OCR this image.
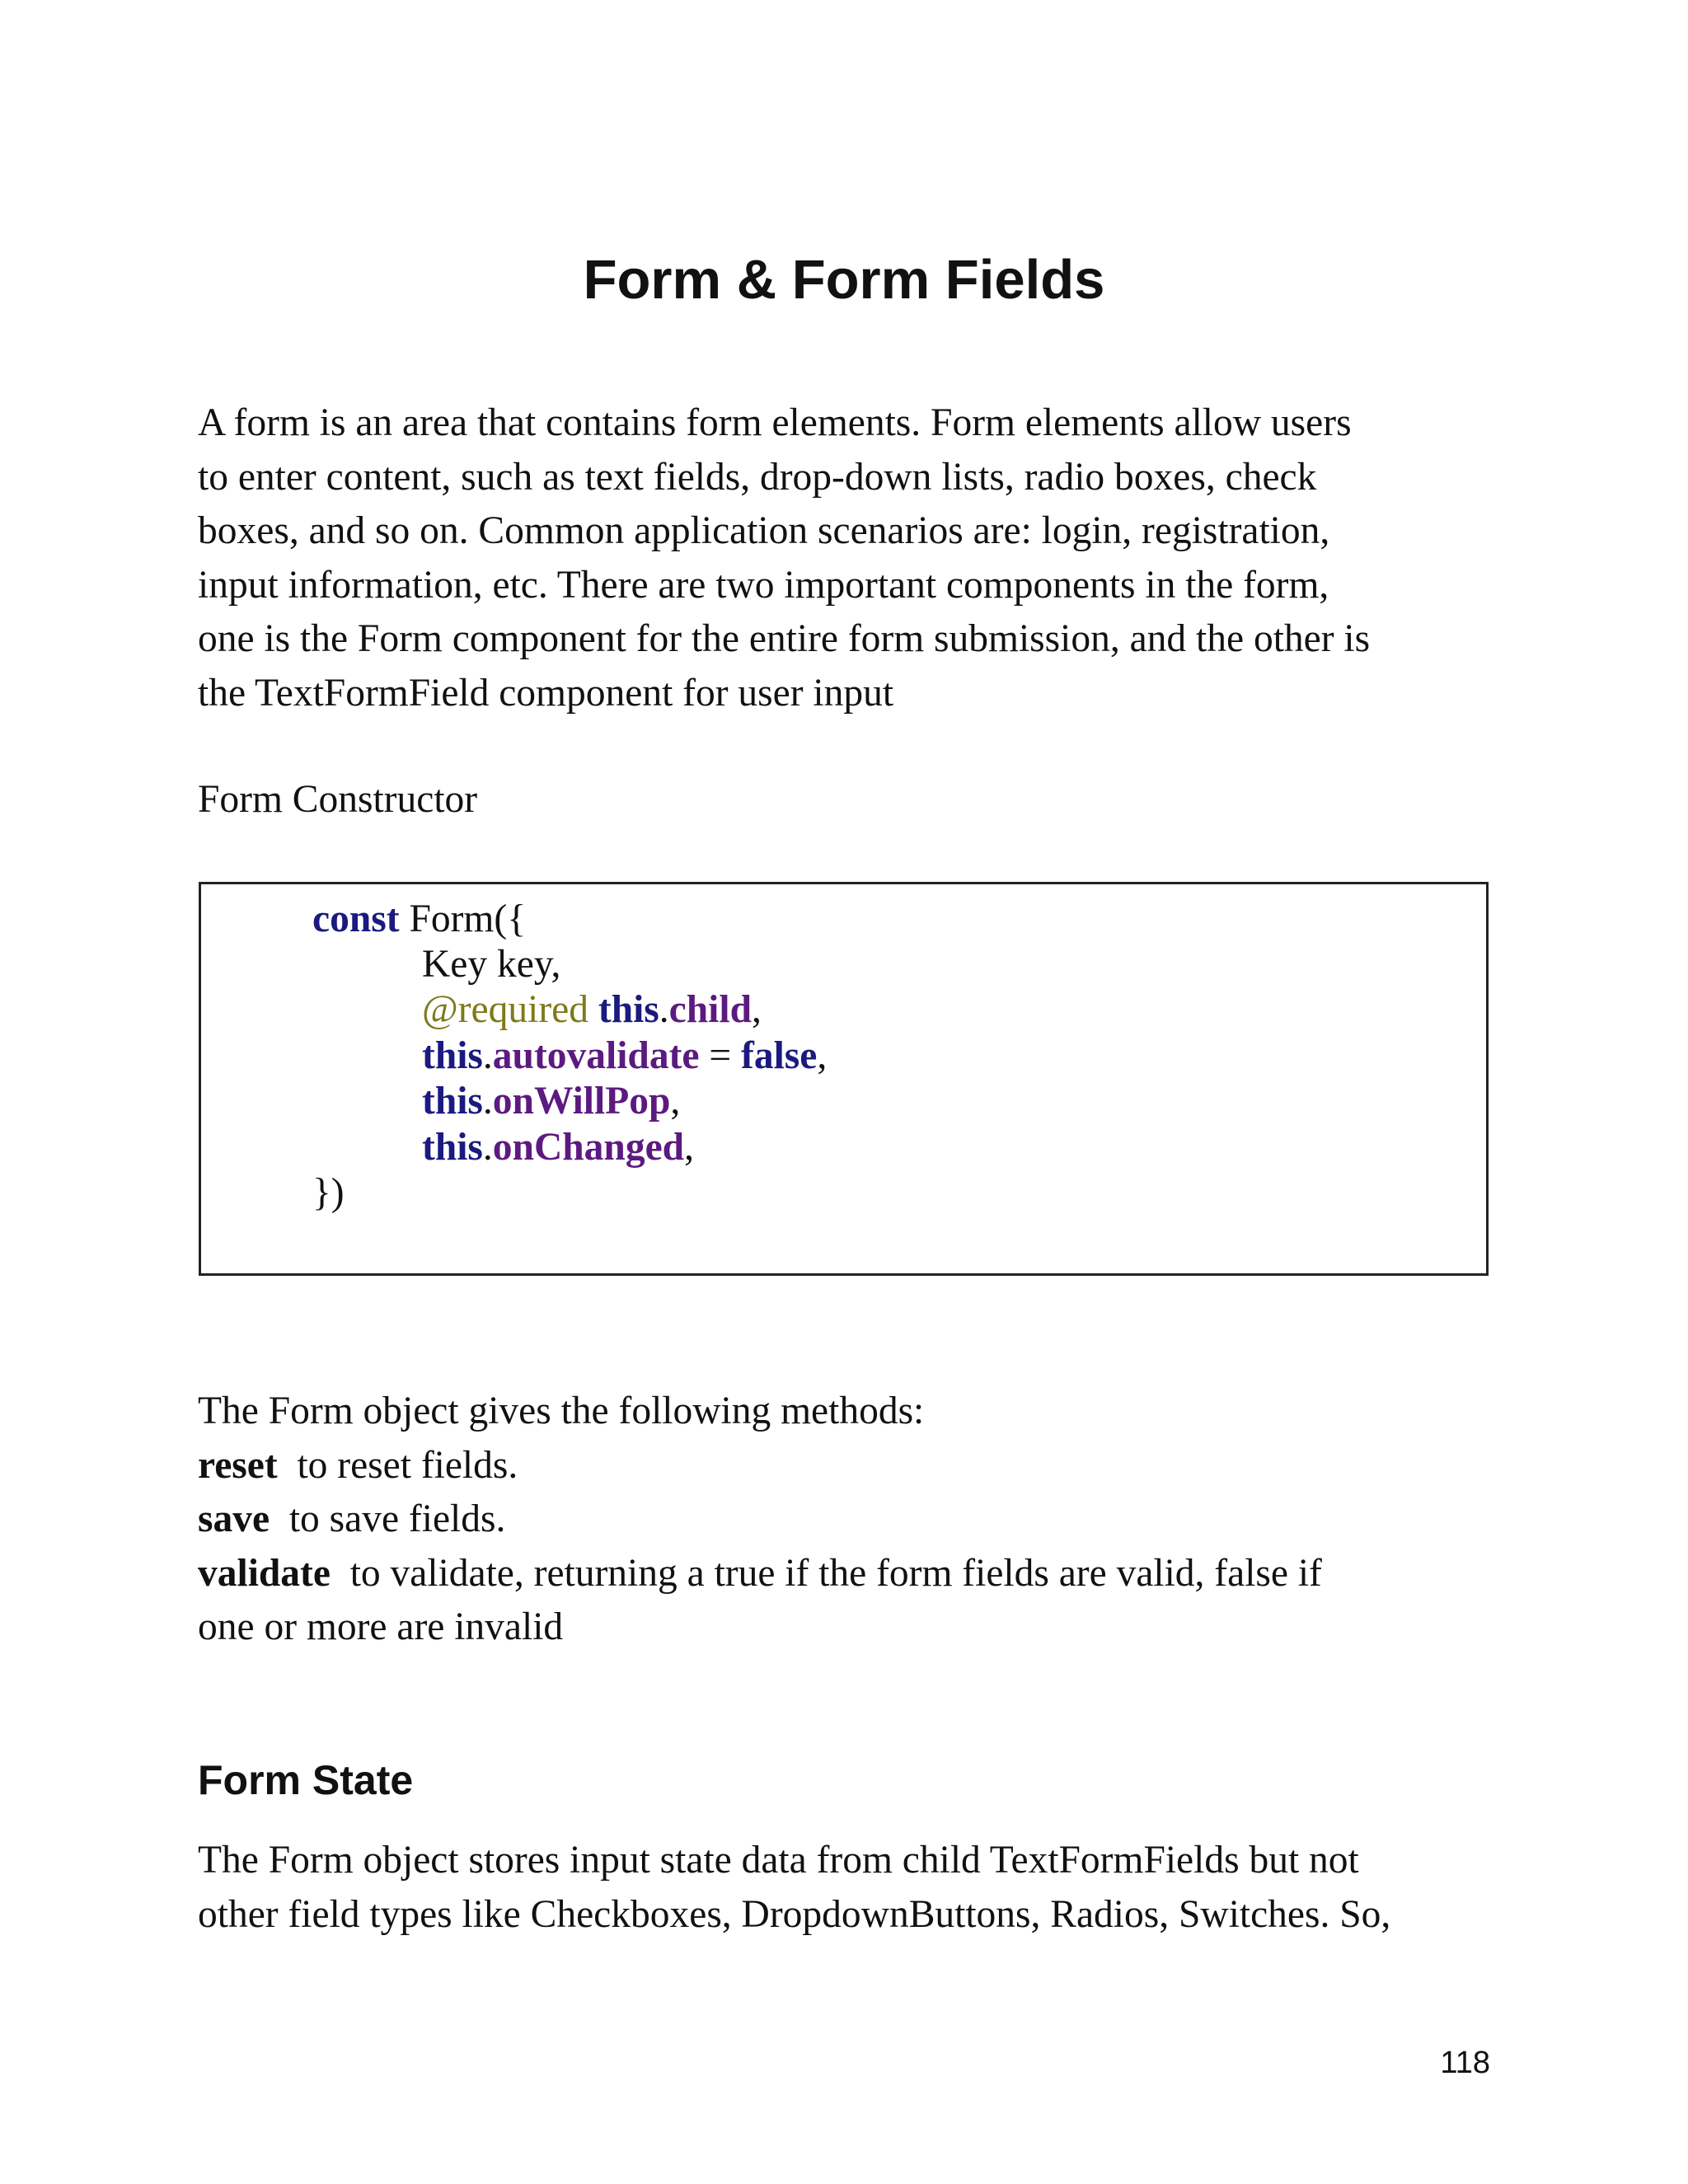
Form & Form Fields
A form is an area that contains form elements. Form elements allow users
to enter content, such as text fields, drop-down lists, radio boxes, check
boxes, and so on. Common application scenarios are: login, registration,
input information, etc. There are two important components in the form,
one is the Form component for the entire form submission, and the other is
the TextFormField component for user input

Form Constructor

const Form({
Key key,
@required this.child,
this.autovalidate = false,
this.onWillPop,
this.onChanged,
})
The Form object gives the following methods:
reset  to reset fields.
save  to save fields.
validate  to validate, returning a true if the form fields are valid, false if
one or more are invalid
Form State
The Form object stores input state data from child TextFormFields but not
other field types like Checkboxes, DropdownButtons, Radios, Switches. So,

118
